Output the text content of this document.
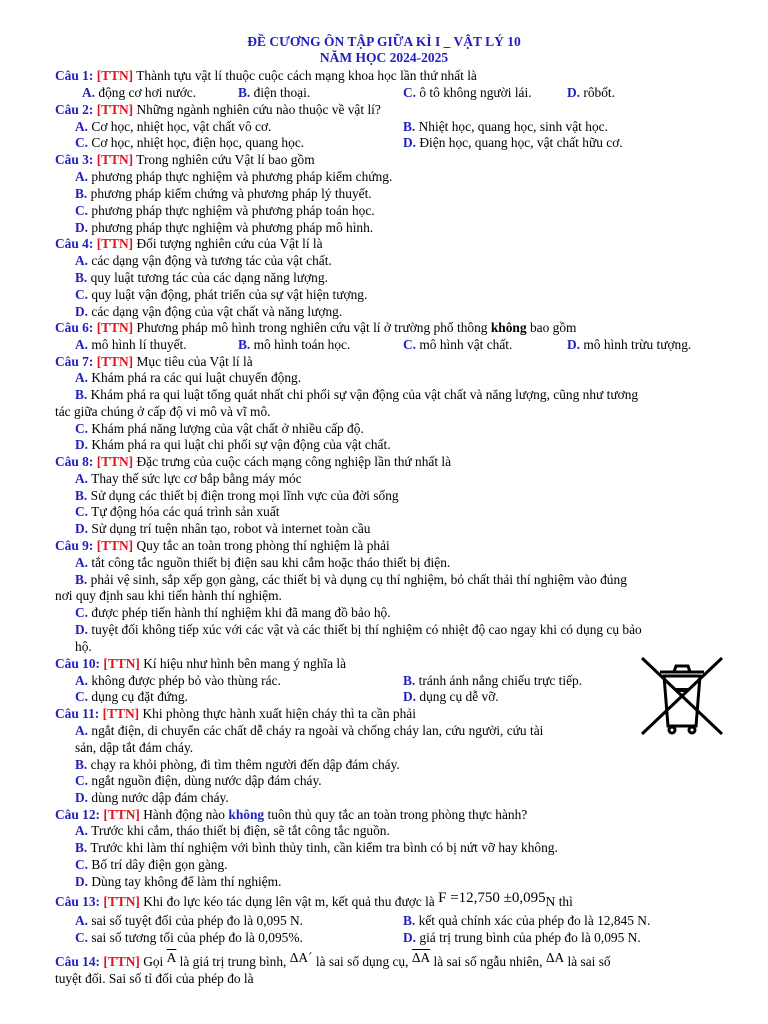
ĐỀ CƯƠNG ÔN TẬP GIỮA KÌ I _ VẬT LÝ 10
NĂM HỌC 2024-2025
Câu 1: [TTN] Thành tựu vật lí thuộc cuộc cách mạng khoa học lần thứ nhất là
A. động cơ hơi nước.	B. điện thoại.	C. ô tô không người lái.	D. rôbốt.
Câu 2: [TTN] Những ngành nghiên cứu nào thuộc về vật lí?
A. Cơ học, nhiệt học, vật chất vô cơ.	B. Nhiệt học, quang học, sinh vật học.
C. Cơ học, nhiệt học, điện học, quang học.	D. Điện học, quang học, vật chất hữu cơ.
Câu 3: [TTN] Trong nghiên cứu Vật lí bao gồm
A. phương pháp thực nghiệm và phương pháp kiểm chứng.
B. phương pháp kiểm chứng và phương pháp lý thuyết.
C. phương pháp thực nghiệm và phương pháp toán học.
D. phương pháp thực nghiệm và phương pháp mô hình.
Câu 4: [TTN] Đối tượng nghiên cứu của Vật lí là
A. các dạng vận động và tương tác của vật chất.
B. quy luật tương tác của các dạng năng lượng.
C. quy luật vận động, phát triển của sự vật hiện tượng.
D. các dạng vận động của vật chất và năng lượng.
Câu 6: [TTN] Phương pháp mô hình trong nghiên cứu vật lí ở trường phổ thông không bao gồm
A. mô hình lí thuyết.	B. mô hình toán học.	C. mô hình vật chất.	D. mô hình trừu tượng.
Câu 7: [TTN] Mục tiêu của Vật lí là
A. Khám phá ra các qui luật chuyển động.
B. Khám phá ra qui luật tổng quát nhất chi phối sự vận động của vật chất và năng lượng, cũng như tương
tác giữa chúng ở cấp độ vi mô và vĩ mô.
C. Khám phá năng lượng của vật chất ở nhiều cấp độ.
D. Khám phá ra qui luật chi phối sự vận động của vật chất.
Câu 8: [TTN] Đặc trưng của cuộc cách mạng công nghiệp lần thứ nhất là
A. Thay thế sức lực cơ bắp bằng máy móc
B. Sử dụng các thiết bị điện trong mọi lĩnh vực của đời sống
C. Tự động hóa các quá trình sản xuất
D. Sử dụng trí tuện nhân tạo, robot và internet toàn cầu
Câu 9: [TTN] Quy tắc an toàn trong phòng thí nghiệm là phải
A. tắt công tắc nguồn thiết bị điện sau khi cắm hoặc tháo thiết bị điện.
B. phải vệ sinh, sắp xếp gọn gàng, các thiết bị và dụng cụ thí nghiệm, bỏ chất thải thí nghiệm vào đúng
nơi quy định sau khi tiến hành thí nghiệm.
C. được phép tiến hành thí nghiệm khi đã mang đồ bảo hộ.
D. tuyệt đối không tiếp xúc với các vật và các thiết bị thí nghiệm có nhiệt độ cao ngay khi có dụng cụ bảo
hộ.
Câu 10: [TTN] Kí hiệu như hình bên mang ý nghĩa là
A. không được phép bỏ vào thùng rác.	B. tránh ánh nắng chiếu trực tiếp.
C. dụng cụ đặt đứng.	D. dụng cụ dễ vỡ.
Câu 11: [TTN] Khi phòng thực hành xuất hiện cháy thì ta cần phải
A. ngắt điện, di chuyển các chất dễ cháy ra ngoài và chống cháy lan, cứu người, cứu tài
sản, dập tắt đám cháy.
B. chạy ra khỏi phòng, đi tìm thêm người đến dập đám cháy.
C. ngắt nguồn điện, dùng nước dập đám cháy.
D. dùng nước dập đám cháy.
Câu 12: [TTN] Hành động nào không tuôn thủ quy tắc an toàn trong phòng thực hành?
A. Trước khi cắm, tháo thiết bị điện, sẽ tắt công tắc nguồn.
B. Trước khi làm thí nghiệm với bình thủy tinh, cần kiểm tra bình có bị nứt vỡ hay không.
C. Bố trí dây điện gọn gàng.
D. Dùng tay không để làm thí nghiệm.
Câu 13: [TTN] Khi đo lực kéo tác dụng lên vật m, kết quả thu được là F =12,750 ±0,095N thì
A. sai số tuyệt đối của phép đo là 0,095 N.	B. kết quả chính xác của phép đo là 12,845 N.
C. sai số tương tối của phép đo là 0,095%.	D. giá trị trung bình của phép đo là 0,095 N.
Câu 14: [TTN] Gọi $\overline{A}$ là giá trị trung bình, ΔA´ là sai số dụng cụ, $\overline{\Delta A}$ là sai số ngẫu nhiên, ΔA là sai số
tuyệt đối. Sai số tỉ đối của phép đo là
